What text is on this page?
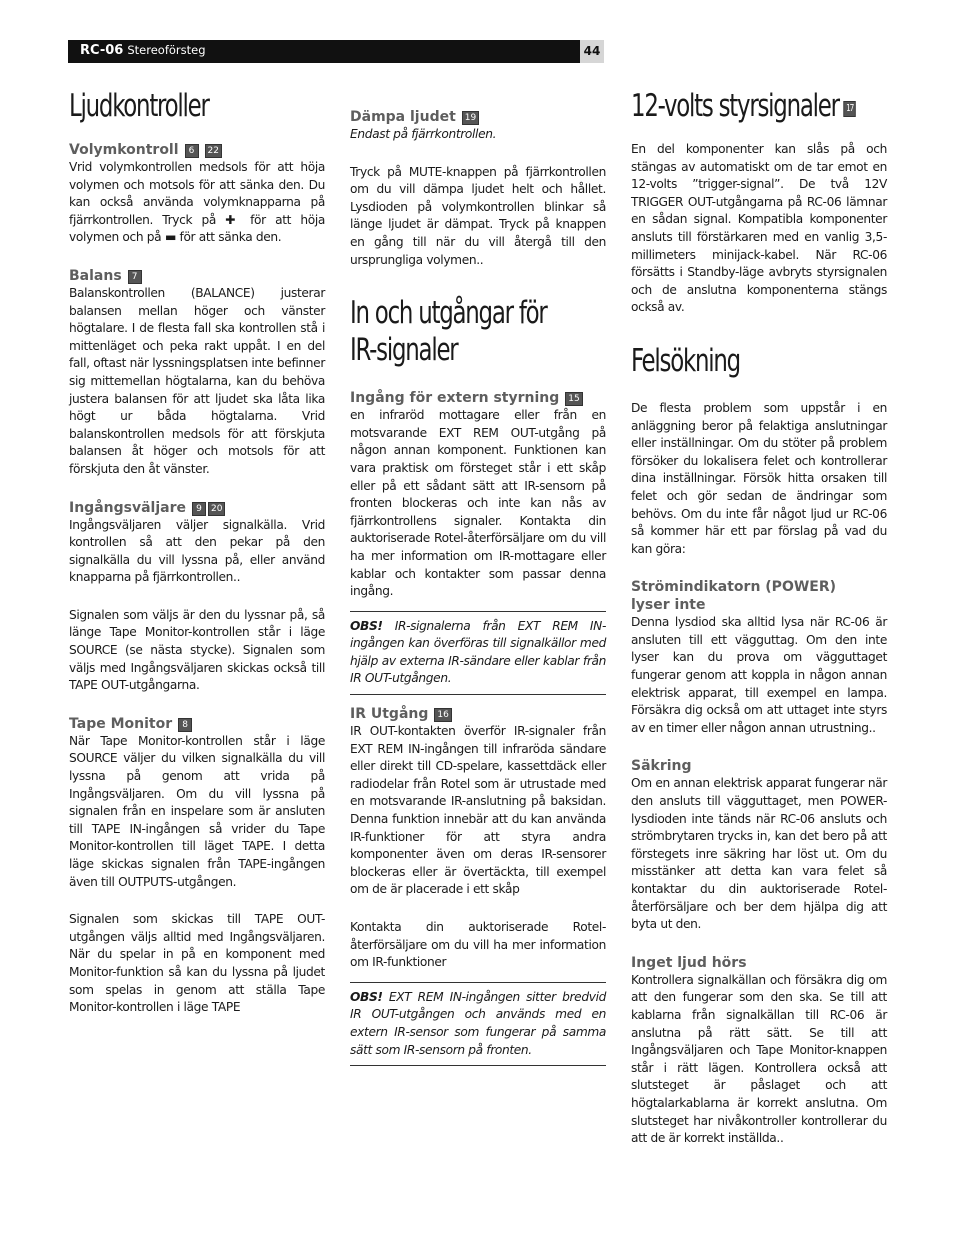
RC-06 Stereoförsteg	44
Ljudkontroller
Volymkontroll 6 22

Vrid volymkontrollen medsols för att höja volymen och motsols för att sänka den. Du kan också använda volymknapparna på fjärrkontrollen. Tryck på ✚ för att höja volymen och på ▬ för att sänka den.

Balans 7

Balanskontrollen (BALANCE) justerar balansen mellan höger och vänster högtalare. I de flesta fall ska kontrollen stå i mittenläget och peka rakt uppåt. I en del fall, oftast när lyssningsplatsen inte befinner sig mittemellan högtalarna, kan du behöva justera balansen för att ljudet ska låta lika högt ur båda högtalarna. Vrid balanskontrollen medsols för att förskjuta balansen åt höger och motsols för att förskjuta den åt vänster.

Ingångsväljare 9 20

Ingångsväljaren väljer signalkälla. Vrid kontrollen så att den pekar på den signalkälla du vill lyssna på, eller använd knapparna på fjärrkontrollen..

Signalen som väljs är den du lyssnar på, så länge Tape Monitor-kontrollen står i läge SOURCE (se nästa stycke). Signalen som väljs med Ingångsväljaren skickas också till TAPE OUT-utgångarna.

Tape Monitor 8

När Tape Monitor-kontrollen står i läge SOURCE väljer du vilken signalkälla du vill lyssna på genom att vrida på Ingångsväljaren. Om du vill lyssna på signalen från en inspelare som är ansluten till TAPE IN-ingången så vrider du Tape Monitor-kontrollen till läget TAPE. I detta läge skickas signalen från TAPE-ingången även till OUTPUTS-utgången.

Signalen som skickas till TAPE OUT-utgången väljs alltid med Ingångsväljaren. När du spelar in på en komponent med Monitor-funktion så kan du lyssna på ljudet som spelas in genom att ställa Tape Monitor-kontrollen i läge TAPE

Dämpa ljudet 19

Endast på fjärrkontrollen.

Tryck på MUTE-knappen på fjärrkontrollen om du vill dämpa ljudet helt och hållet. Lysdioden på volymkontrollen blinkar så länge ljudet är dämpat. Tryck på knappen en gång till när du vill återgå till den ursprungliga volymen..

In och utgångar för
IR-signaler
Ingång för extern styrning 15

en infraröd mottagare eller från en motsvarande EXT REM OUT-utgång på någon annan komponent. Funktionen kan vara praktisk om försteget står i ett skåp eller på ett sådant sätt att IR-sensorn på fronten blockeras och inte kan nås av fjärrkontrollens signaler. Kontakta din auktoriserade Rotel-återförsäljare om du vill ha mer information om IR-mottagare eller kablar och kontakter som passar denna ingång.

OBS! IR-signalerna från EXT REM IN-ingången kan överföras till signalkällor med hjälp av externa IR-sändare eller kablar från IR OUT-utgången.

IR Utgång 16

IR OUT-kontakten överför IR-signaler från EXT REM IN-ingången till infraröda sändare eller direkt till CD-spelare, kassettdäck eller radiodelar från Rotel som är utrustade med en motsvarande IR-anslutning på baksidan. Denna funktion innebär att du kan använda IR-funktioner för att styra andra komponenter även om deras IR-sensorer blockeras eller är övertäckta, till exempel om de är placerade i ett skåp

Kontakta din auktoriserade Rotel-återförsäljare om du vill ha mer information om IR-funktioner

OBS! EXT REM IN-ingången sitter bredvid IR OUT-utgången och används med en extern IR-sensor som fungerar på samma sätt som IR-sensorn på fronten.

12-volts styrsignaler 17

En del komponenter kan slås på och stängas av automatiskt om de tar emot en 12-volts ”trigger-signal”. De två 12V TRIGGER OUT-utgångarna på RC-06 lämnar en sådan signal. Kompatibla komponenter ansluts till förstärkaren med en vanlig 3,5-millimeters minijack-kabel. När RC-06 försätts i Standby-läge avbryts styrsignalen och de anslutna komponenterna stängs också av.

Felsökning

De flesta problem som uppstår i en anläggning beror på felaktiga anslutningar eller inställningar. Om du stöter på problem försöker du lokalisera felet och kontrollerar dina inställningar. Försök hitta orsaken till felet och gör sedan de ändringar som behövs. Om du inte får något ljud ur RC-06 så kommer här ett par förslag på vad du kan göra:

Strömindikatorn (POWER)
lyser inte

Denna lysdiod ska alltid lysa när RC-06 är ansluten till ett vägguttag. Om den inte lyser kan du prova om vägguttaget fungerar genom att koppla in någon annan elektrisk apparat, till exempel en lampa. Försäkra dig också om att uttaget inte styrs av en timer eller någon annan utrustning..

Säkring

Om en annan elektrisk apparat fungerar när den ansluts till vägguttaget, men POWER-lysdioden inte tänds när RC-06 ansluts och strömbrytaren trycks in, kan det bero på att förstegets inre säkring har löst ut. Om du misstänker att detta kan vara felet så kontaktar du din auktoriserade Rotel-återförsäljare och ber dem hjälpa dig att byta ut den.

Inget ljud hörs

Kontrollera signalkällan och försäkra dig om att den fungerar som den ska. Se till att kablarna från signalkällan till RC-06 är anslutna på rätt sätt. Se till att Ingångsväljaren och Tape Monitor-knappen står i rätt lägen. Kontrollera också att slutsteget är påslaget och att högtalarkablarna är korrekt anslutna. Om slutsteget har nivåkontroller kontrollerar du att de är korrekt inställda..
